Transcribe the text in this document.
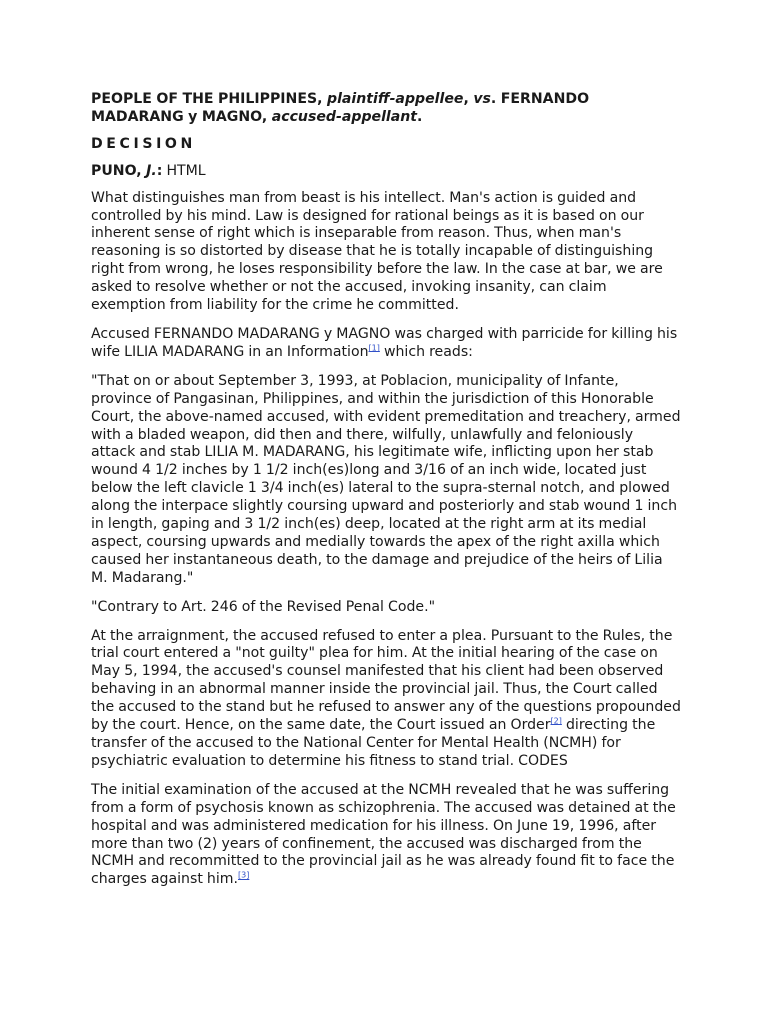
PEOPLE OF THE PHILIPPINES, plaintiff-appellee, vs. FERNANDO MADARANG y MAGNO, accused-appellant.

DECISION

PUNO, J.: HTML

What distinguishes man from beast is his intellect. Man's action is guided and controlled by his mind. Law is designed for rational beings as it is based on our inherent sense of right which is inseparable from reason. Thus, when man's reasoning is so distorted by disease that he is totally incapable of distinguishing right from wrong, he loses responsibility before the law. In the case at bar, we are asked to resolve whether or not the accused, invoking insanity, can claim exemption from liability for the crime he committed.

Accused FERNANDO MADARANG y MAGNO was charged with parricide for killing his wife LILIA MADARANG in an Information[1] which reads:

"That on or about September 3, 1993, at Poblacion, municipality of Infante, province of Pangasinan, Philippines, and within the jurisdiction of this Honorable Court, the above-named accused, with evident premeditation and treachery, armed with a bladed weapon, did then and there, wilfully, unlawfully and feloniously attack and stab LILIA M. MADARANG, his legitimate wife, inflicting upon her stab wound 4 1/2 inches by 1 1/2 inch(es)long and 3/16 of an inch wide, located just below the left clavicle 1 3/4 inch(es) lateral to the supra-sternal notch, and plowed along the interpace slightly coursing upward and posteriorly and stab wound 1 inch in length, gaping and 3 1/2 inch(es) deep, located at the right arm at its medial aspect, coursing upwards and medially towards the apex of the right axilla which caused her instantaneous death, to the damage and prejudice of the heirs of Lilia M. Madarang."

"Contrary to Art. 246 of the Revised Penal Code."

At the arraignment, the accused refused to enter a plea. Pursuant to the Rules, the trial court entered a "not guilty" plea for him. At the initial hearing of the case on May 5, 1994, the accused's counsel manifested that his client had been observed behaving in an abnormal manner inside the provincial jail. Thus, the Court called the accused to the stand but he refused to answer any of the questions propounded by the court. Hence, on the same date, the Court issued an Order[2] directing the transfer of the accused to the National Center for Mental Health (NCMH) for psychiatric evaluation to determine his fitness to stand trial. CODES

The initial examination of the accused at the NCMH revealed that he was suffering from a form of psychosis known as schizophrenia. The accused was detained at the hospital and was administered medication for his illness. On June 19, 1996, after more than two (2) years of confinement, the accused was discharged from the NCMH and recommitted to the provincial jail as he was already found fit to face the charges against him.[3]
